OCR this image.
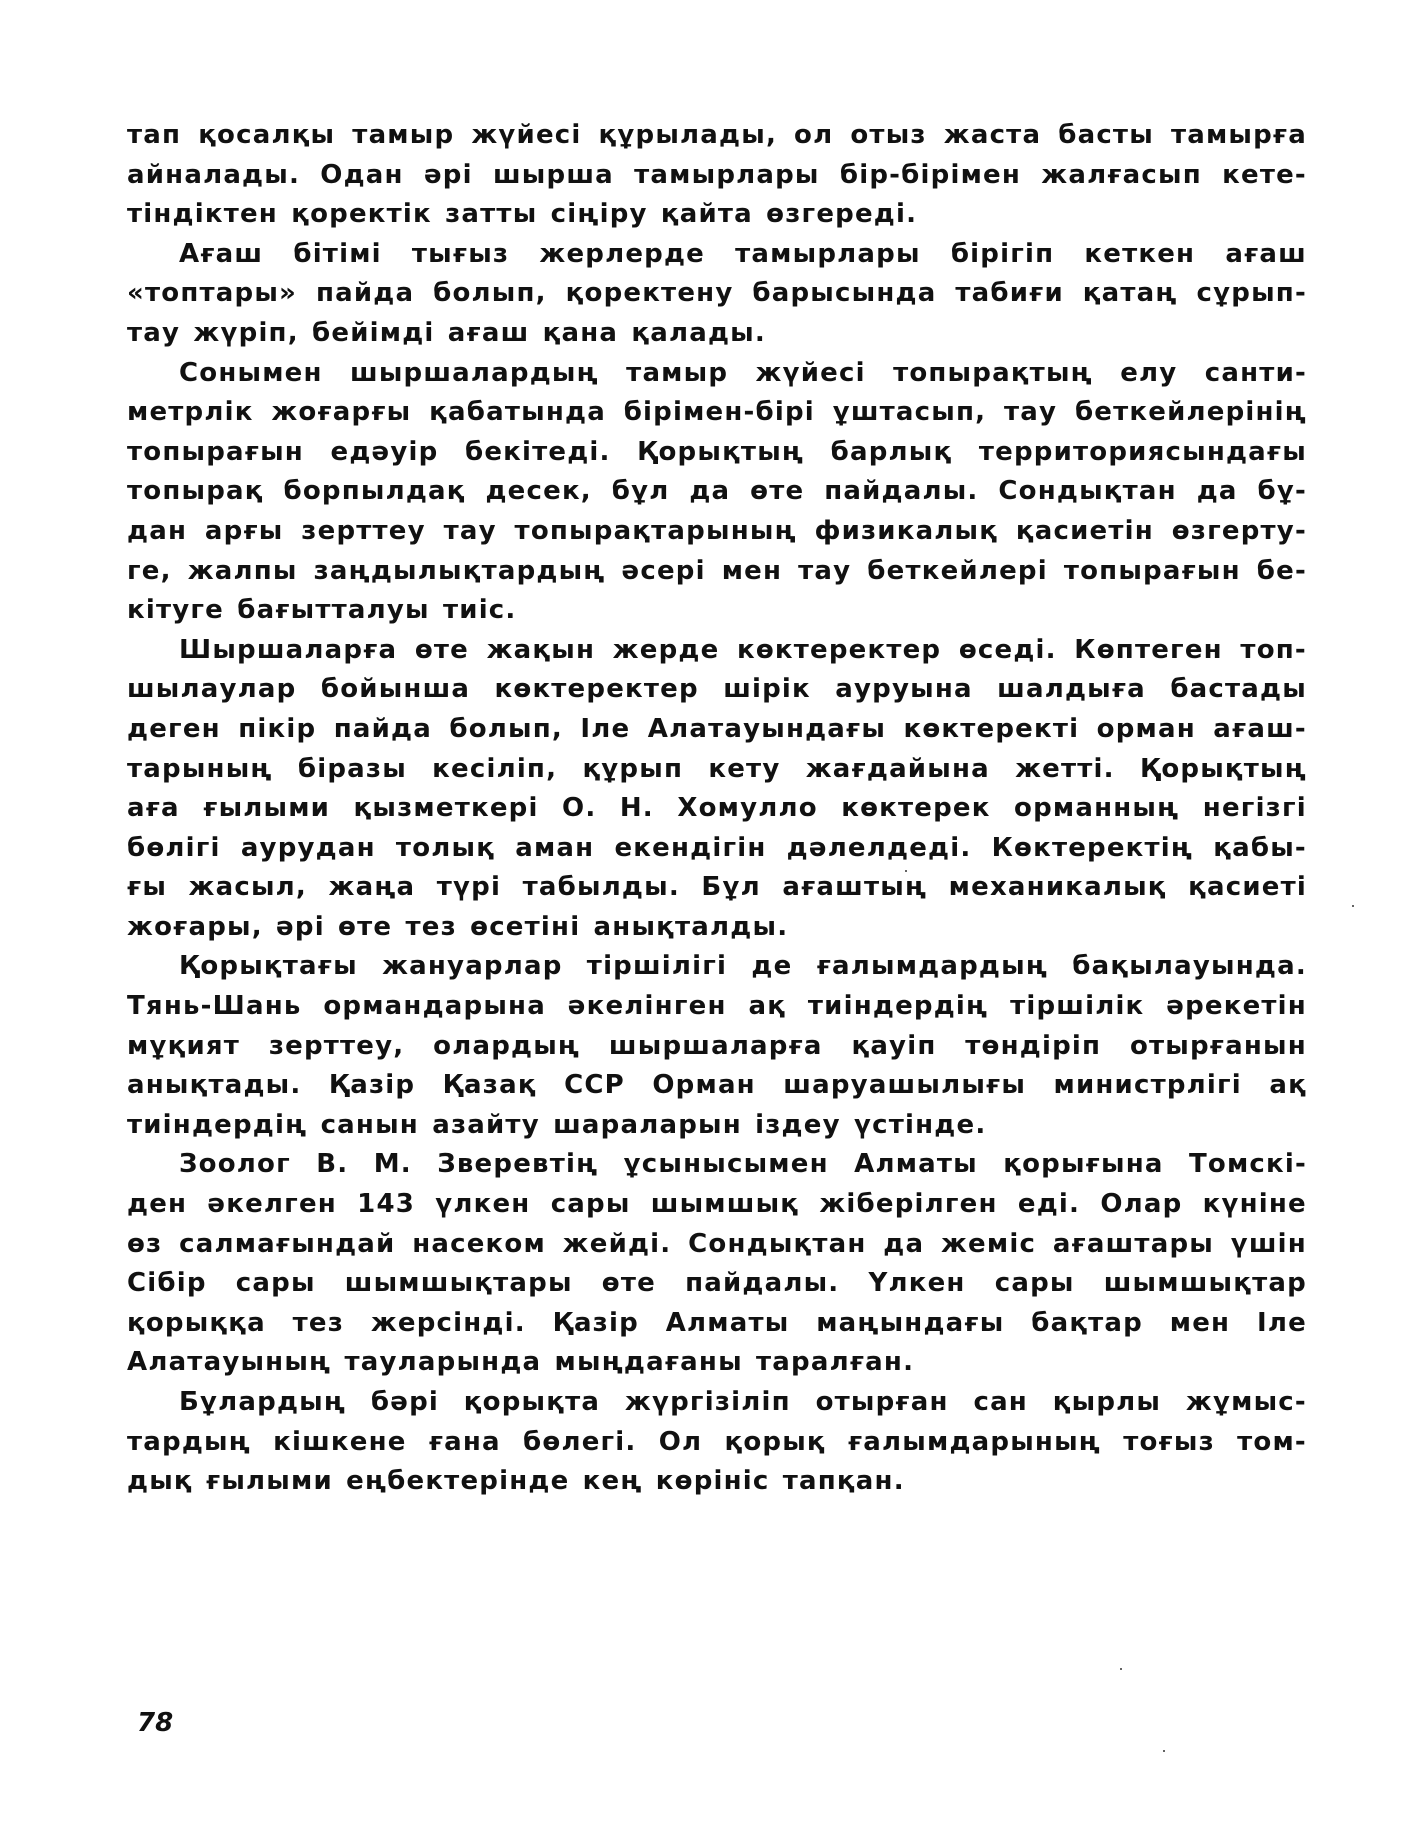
тап қосалқы тамыр жүйесі құрылады, ол отыз жаста басты тамырға
айналады. Одан әрі шырша тамырлары бір-бірімен жалғасып кете-
тіндіктен қоректік затты сіңіру қайта өзгереді.
Ағаш бітімі тығыз жерлерде тамырлары бірігіп кеткен ағаш
«топтары» пайда болып, қоректену барысында табиғи қатаң сұрып-
тау жүріп, бейімді ағаш қана қалады.
Сонымен шыршалардың тамыр жүйесі топырақтың елу санти-
метрлік жоғарғы қабатында бірімен-бірі ұштасып, тау беткейлерінің
топырағын едәуір бекітеді. Қорықтың барлық территориясындағы
топырақ борпылдақ десек, бұл да өте пайдалы. Сондықтан да бұ-
дан арғы зерттеу тау топырақтарының физикалық қасиетін өзгерту-
ге, жалпы заңдылықтардың әсері мен тау беткейлері топырағын бе-
кітуге бағытталуы тиіс.
Шыршаларға өте жақын жерде көктеректер өседі. Көптеген топ-
шылаулар бойынша көктеректер шірік ауруына шалдыға бастады
деген пікір пайда болып, Іле Алатауындағы көктеректі орман ағаш-
тарының біразы кесіліп, құрып кету жағдайына жетті. Қорықтың
аға ғылыми қызметкері О. Н. Хомулло көктерек орманның негізгі
бөлігі аурудан толық аман екендігін дәлелдеді. Көктеректің қабы-
ғы жасыл, жаңа түрі табылды. Бұл ағаштың механикалық қасиеті
жоғары, әрі өте тез өсетіні анықталды.
Қорықтағы жануарлар тіршілігі де ғалымдардың бақылауында.
Тянь-Шань ормандарына әкелінген ақ тиіндердің тіршілік әрекетін
мұқият зерттеу, олардың шыршаларға қауіп төндіріп отырғанын
анықтады. Қазір Қазақ ССР Орман шаруашылығы министрлігі ақ
тиіндердің санын азайту шараларын іздеу үстінде.
Зоолог В. М. Зверевтің ұсынысымен Алматы қорығына Томскі-
ден әкелген 143 үлкен сары шымшық жіберілген еді. Олар күніне
өз салмағындай насеком жейді. Сондықтан да жеміс ағаштары үшін
Сібір сары шымшықтары өте пайдалы. Үлкен сары шымшықтар
қорыққа тез жерсінді. Қазір Алматы маңындағы бақтар мен Іле
Алатауының тауларында мыңдағаны таралған.
Бұлардың бәрі қорықта жүргізіліп отырған сан қырлы жұмыс-
тардың кішкене ғана бөлегі. Ол қорық ғалымдарының тоғыз том-
дық ғылыми еңбектерінде кең көрініс тапқан.
78
